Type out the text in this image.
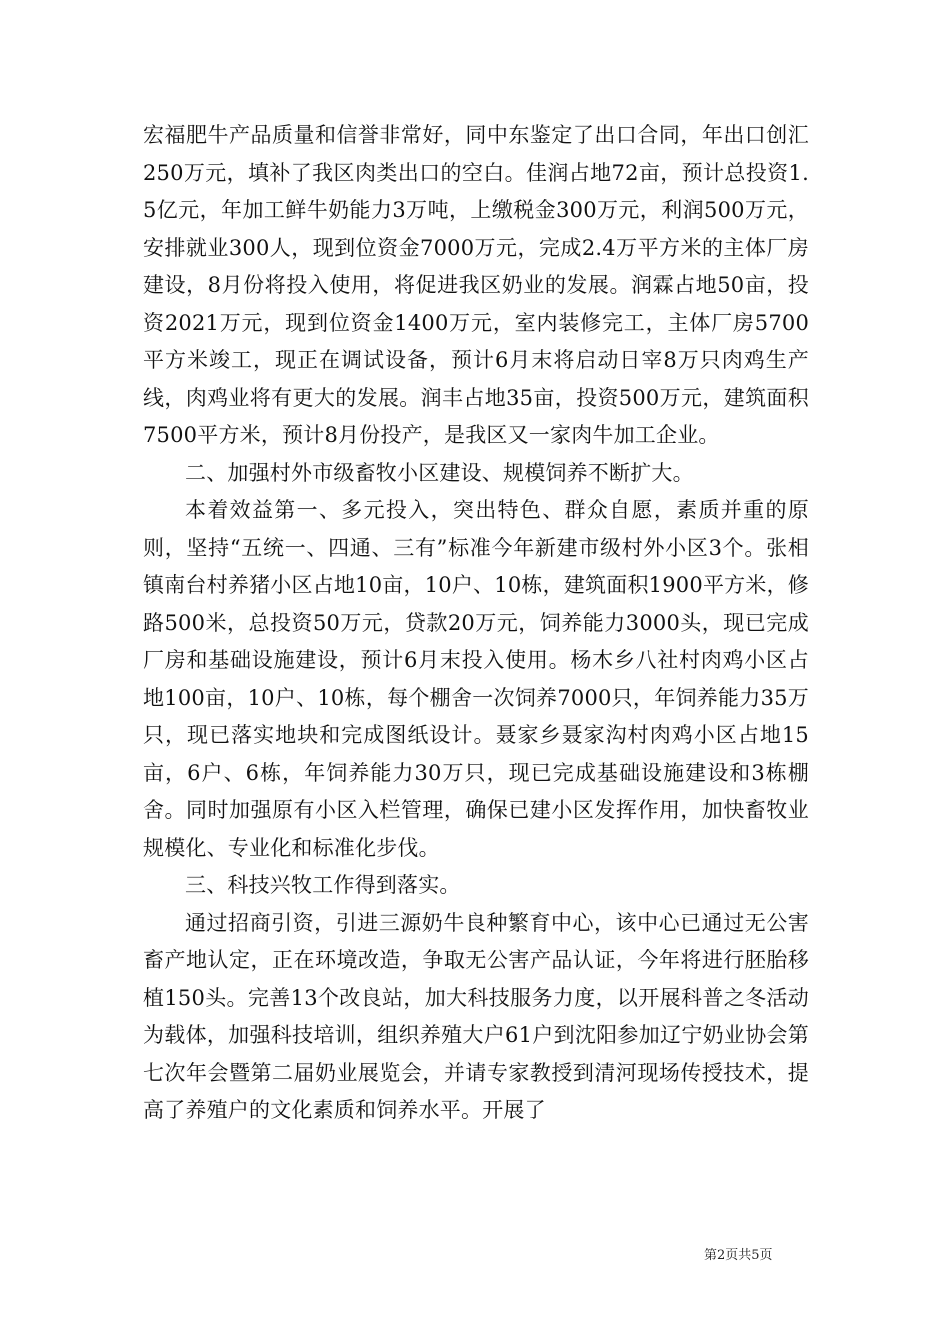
宏福肥牛产品质量和信誉非常好，同中东鉴定了出口合同，年出口创汇250万元，填补了我区肉类出口的空白。佳润占地72亩，预计总投资1.5亿元，年加工鲜牛奶能力3万吨，上缴税金300万元，利润500万元，安排就业300人，现到位资金7000万元，完成2.4万平方米的主体厂房建设，8月份将投入使用，将促进我区奶业的发展。润霖占地50亩，投资2021万元，现到位资金1400万元，室内装修完工，主体厂房5700平方米竣工，现正在调试设备，预计6月末将启动日宰8万只肉鸡生产线，肉鸡业将有更大的发展。润丰占地35亩，投资500万元，建筑面积7500平方米，预计8月份投产，是我区又一家肉牛加工企业。

二、加强村外市级畜牧小区建设、规模饲养不断扩大。

本着效益第一、多元投入，突出特色、群众自愿，素质并重的原则，坚持“五统一、四通、三有”标准今年新建市级村外小区3个。张相镇南台村养猪小区占地10亩，10户、10栋，建筑面积1900平方米，修路500米，总投资50万元，贷款20万元，饲养能力3000头，现已完成厂房和基础设施建设，预计6月末投入使用。杨木乡八社村肉鸡小区占地100亩，10户、10栋，每个棚舍一次饲养7000只，年饲养能力35万只，现已落实地块和完成图纸设计。聂家乡聂家沟村肉鸡小区占地15亩，6户、6栋，年饲养能力30万只，现已完成基础设施建设和3栋棚舍。同时加强原有小区入栏管理，确保已建小区发挥作用，加快畜牧业规模化、专业化和标准化步伐。

三、科技兴牧工作得到落实。

通过招商引资，引进三源奶牛良种繁育中心，该中心已通过无公害畜产地认定，正在环境改造，争取无公害产品认证，今年将进行胚胎移植150头。完善13个改良站，加大科技服务力度，以开展科普之冬活动为载体，加强科技培训，组织养殖大户61户到沈阳参加辽宁奶业协会第七次年会暨第二届奶业展览会，并请专家教授到清河现场传授技术，提高了养殖户的文化素质和饲养水平。开展了

第2页共5页
